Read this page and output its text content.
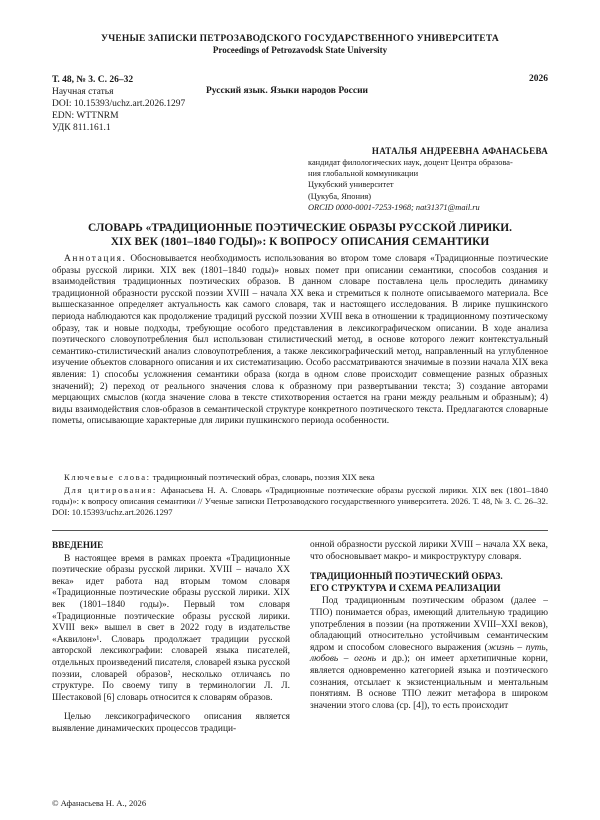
УЧЕНЫЕ ЗАПИСКИ ПЕТРОЗАВОДСКОГО ГОСУДАРСТВЕННОГО УНИВЕРСИТЕТА
Proceedings of Petrozavodsk State University
Т. 48, № 3. С. 26–32	2026
Научная статья	Русский язык. Языки народов России
DOI: 10.15393/uchz.art.2026.1297
EDN: WTTNRM
УДК 811.161.1
НАТАЛЬЯ АНДРЕЕВНА АФАНАСЬЕВА
кандидат филологических наук, доцент Центра образова-
ния глобальной коммуникации
Цукубский университет
(Цукуба, Япония)
ORCID 0000-0001-7253-1968; nat31371@mail.ru
СЛОВАРЬ «ТРАДИЦИОННЫЕ ПОЭТИЧЕСКИЕ ОБРАЗЫ РУССКОЙ ЛИРИКИ.
XIX ВЕК (1801–1840 ГОДЫ)»: К ВОПРОСУ ОПИСАНИЯ СЕМАНТИКИ
Аннотация. Обосновывается необходимость использования во втором томе словаря «Традиционные поэтические образы русской лирики. XIX век (1801–1840 годы)» новых помет при описании семантики, способов создания и взаимодействия традиционных поэтических образов. В данном словаре поставлена цель проследить динамику традиционной образности русской поэзии XVIII – начала XX века и стремиться к полноте описываемого материала. Все вышесказанное определяет актуальность как самого словаря, так и настоящего исследования. В лирике пушкинского периода наблюдаются как продолжение традиций русской поэзии XVIII века в отношении к традиционному поэтическому образу, так и новые подходы, требующие особого представления в лексикографическом описании. В ходе анализа поэтического словоупотребления был использован стилистический метод, в основе которого лежит контекстуальный семантико-стилистический анализ словоупотребления, а также лексикографический метод, направленный на углубленное изучение объектов словарного описания и их систематизацию. Особо рассматриваются значимые в поэзии начала XIX века явления: 1) способы усложнения семантики образа (когда в одном слове происходит совмещение разных образных значений); 2) переход от реального значения слова к образному при развертывании текста; 3) создание авторами мерцающих смыслов (когда значение слова в тексте стихотворения остается на грани между реальным и образным); 4) виды взаимодействия слов-образов в семантической структуре конкретного поэтического текста. Предлагаются словарные пометы, описывающие характерные для лирики пушкинского периода особенности.
Ключевые слова: традиционный поэтический образ, словарь, поэзия XIX века
Для цитирования: Афанасьева Н. А. Словарь «Традиционные поэтические образы русской лирики. XIX век (1801–1840 годы)»: к вопросу описания семантики // Ученые записки Петрозаводского государственного университета. 2026. Т. 48, № 3. С. 26–32. DOI: 10.15393/uchz.art.2026.1297
ВВЕДЕНИЕ

В настоящее время в рамках проекта «Традиционные поэтические образы русской лирики. XVIII – начало XX века» идет работа над вторым томом словаря «Традиционные поэтические образы русской лирики. XIX век (1801–1840 годы)». Первый том словаря «Традиционные поэтические образы русской лирики. XVIII век» вышел в свет в 2022 году в издательстве «Аквилон»¹. Словарь продолжает традиции русской авторской лексикографии: словарей языка писателей, отдельных произведений писателя, словарей языка русской поэзии, словарей образов², несколько отличаясь по структуре. По своему типу в терминологии Л. Л. Шестаковой [6] словарь относится к словарям образов.

Целью лексикографического описания является выявление динамических процессов традици-

онной образности русской лирики XVIII – начала XX века, что обосновывает макро- и микроструктуру словаря.

ТРАДИЦИОННЫЙ ПОЭТИЧЕСКИЙ ОБРАЗ.
ЕГО СТРУКТУРА И СХЕМА РЕАЛИЗАЦИИ

Под традиционным поэтическим образом (далее – ТПО) понимается образ, имеющий длительную традицию употребления в поэзии (на протяжении XVIII–XXI веков), обладающий относительно устойчивым семантическим ядром и способом словесного выражения (жизнь – путь, любовь – огонь и др.); он имеет архетипичные корни, является одновременно категорией языка и поэтического сознания, отсылает к экзистенциальным и ментальным понятиям. В основе ТПО лежит метафора в широком значении этого слова (ср. [4]), то есть происходит

© Афанасьева Н. А., 2026
